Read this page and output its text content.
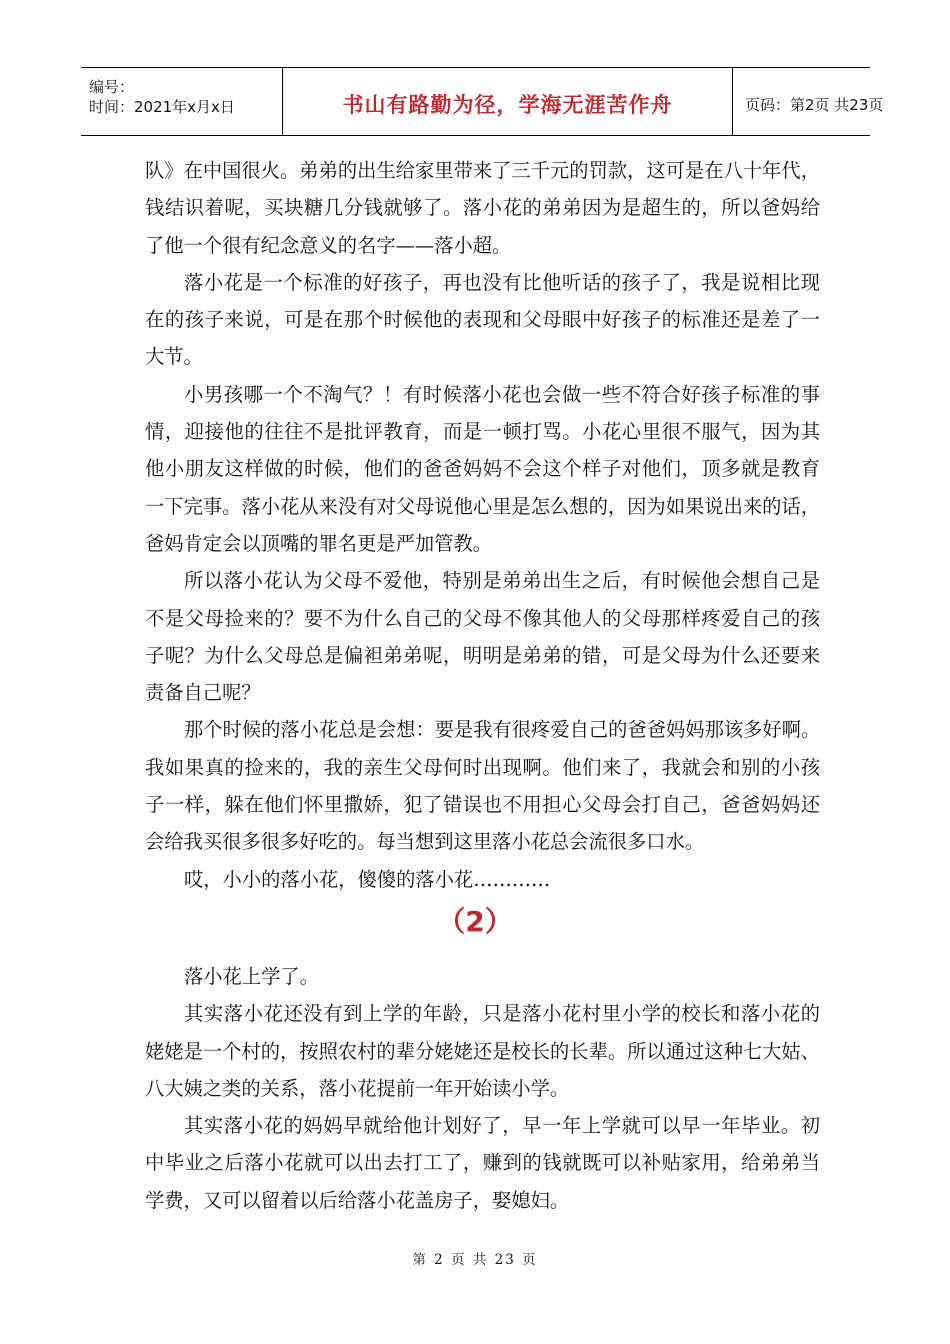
编号：
时间：2021年x月x日	书山有路勤为径，学海无涯苦作舟	页码：第2页 共23页
队》在中国很火。弟弟的出生给家里带来了三千元的罚款，这可是在八十年代，
钱结识着呢，买块糖几分钱就够了。落小花的弟弟因为是超生的，所以爸妈给
了他一个很有纪念意义的名字——落小超。
落小花是一个标准的好孩子，再也没有比他听话的孩子了，我是说相比现
在的孩子来说，可是在那个时候他的表现和父母眼中好孩子的标准还是差了一
大节。
小男孩哪一个不淘气？！有时候落小花也会做一些不符合好孩子标准的事
情，迎接他的往往不是批评教育，而是一顿打骂。小花心里很不服气，因为其
他小朋友这样做的时候，他们的爸爸妈妈不会这个样子对他们，顶多就是教育
一下完事。落小花从来没有对父母说他心里是怎么想的，因为如果说出来的话，
爸妈肯定会以顶嘴的罪名更是严加管教。
所以落小花认为父母不爱他，特别是弟弟出生之后，有时候他会想自己是
不是父母捡来的？要不为什么自己的父母不像其他人的父母那样疼爱自己的孩
子呢？为什么父母总是偏袒弟弟呢，明明是弟弟的错，可是父母为什么还要来
责备自己呢？
那个时候的落小花总是会想：要是我有很疼爱自己的爸爸妈妈那该多好啊。
我如果真的捡来的，我的亲生父母何时出现啊。他们来了，我就会和别的小孩
子一样，躲在他们怀里撒娇，犯了错误也不用担心父母会打自己，爸爸妈妈还
会给我买很多很多好吃的。每当想到这里落小花总会流很多口水。
哎，小小的落小花，傻傻的落小花…………
（2）
落小花上学了。
其实落小花还没有到上学的年龄，只是落小花村里小学的校长和落小花的
姥姥是一个村的，按照农村的辈分姥姥还是校长的长辈。所以通过这种七大姑、
八大姨之类的关系，落小花提前一年开始读小学。
其实落小花的妈妈早就给他计划好了，早一年上学就可以早一年毕业。初
中毕业之后落小花就可以出去打工了，赚到的钱就既可以补贴家用，给弟弟当
学费，又可以留着以后给落小花盖房子，娶媳妇。
第 2 页 共 23 页
